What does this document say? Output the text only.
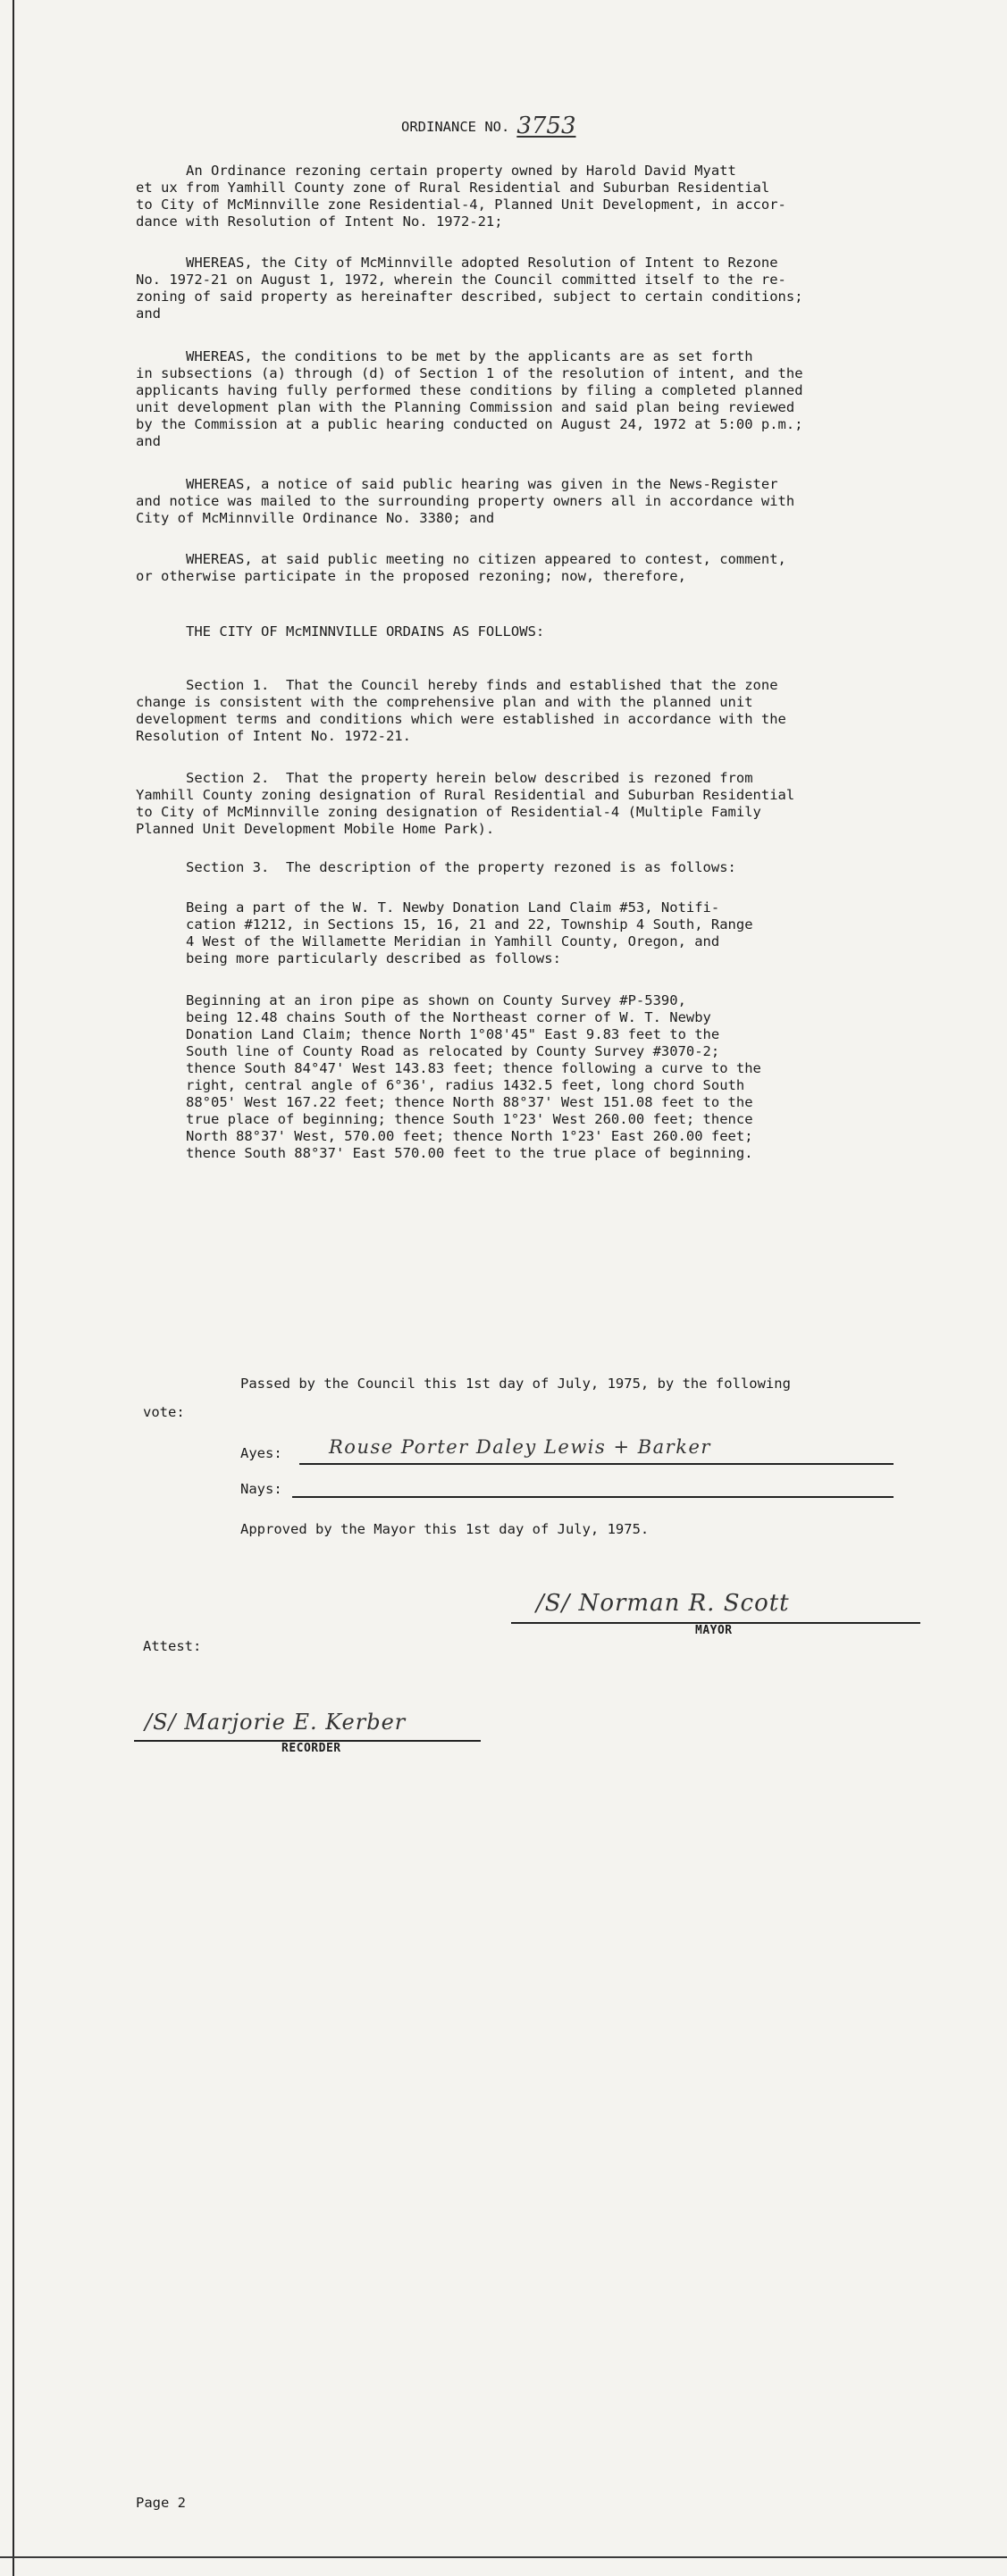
ORDINANCE NO. 3753
An Ordinance rezoning certain property owned by Harold David Myatt
et ux from Yamhill County zone of Rural Residential and Suburban Residential
to City of McMinnville zone Residential-4, Planned Unit Development, in accor-
dance with Resolution of Intent No. 1972-21;
WHEREAS, the City of McMinnville adopted Resolution of Intent to Rezone
No. 1972-21 on August 1, 1972, wherein the Council committed itself to the re-
zoning of said property as hereinafter described, subject to certain conditions;
and
WHEREAS, the conditions to be met by the applicants are as set forth
in subsections (a) through (d) of Section 1 of the resolution of intent, and the
applicants having fully performed these conditions by filing a completed planned
unit development plan with the Planning Commission and said plan being reviewed
by the Commission at a public hearing conducted on August 24, 1972 at 5:00 p.m.;
and
WHEREAS, a notice of said public hearing was given in the News-Register
and notice was mailed to the surrounding property owners all in accordance with
City of McMinnville Ordinance No. 3380; and
WHEREAS, at said public meeting no citizen appeared to contest, comment,
or otherwise participate in the proposed rezoning; now, therefore,
THE CITY OF McMINNVILLE ORDAINS AS FOLLOWS:
Section 1.  That the Council hereby finds and established that the zone
change is consistent with the comprehensive plan and with the planned unit
development terms and conditions which were established in accordance with the
Resolution of Intent No. 1972-21.
Section 2.  That the property herein below described is rezoned from
Yamhill County zoning designation of Rural Residential and Suburban Residential
to City of McMinnville zoning designation of Residential-4 (Multiple Family
Planned Unit Development Mobile Home Park).
Section 3.  The description of the property rezoned is as follows:
Being a part of the W. T. Newby Donation Land Claim #53, Notifi-
cation #1212, in Sections 15, 16, 21 and 22, Township 4 South, Range
4 West of the Willamette Meridian in Yamhill County, Oregon, and
being more particularly described as follows:
Beginning at an iron pipe as shown on County Survey #P-5390,
being 12.48 chains South of the Northeast corner of W. T. Newby
Donation Land Claim; thence North 1°08'45" East 9.83 feet to the
South line of County Road as relocated by County Survey #3070-2;
thence South 84°47' West 143.83 feet; thence following a curve to the
right, central angle of 6°36', radius 1432.5 feet, long chord South
88°05' West 167.22 feet; thence North 88°37' West 151.08 feet to the
true place of beginning; thence South 1°23' West 260.00 feet; thence
North 88°37' West, 570.00 feet; thence North 1°23' East 260.00 feet;
thence South 88°37' East 570.00 feet to the true place of beginning.
Passed by the Council this 1st day of July, 1975, by the following
vote:
Ayes: Rouse Porter Daley Lewis + Barker
Nays:
Approved by the Mayor this 1st day of July, 1975.
/S/ Norman R. Scott
MAYOR
Attest:
/S/ Marjorie E. Kerber
RECORDER
Page 2
